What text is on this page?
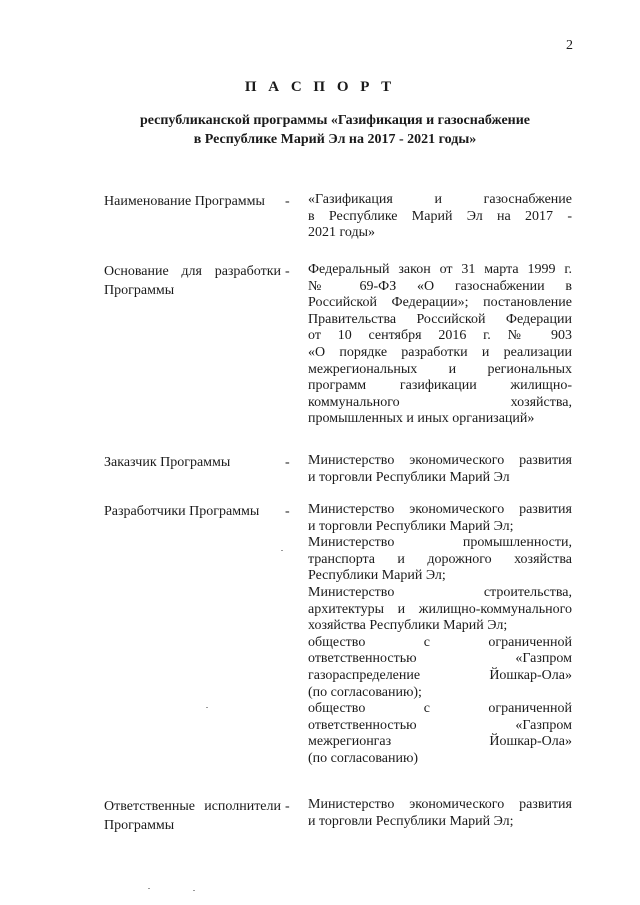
2
П А С П О Р Т
республиканской программы «Газификация и газоснабжение
в Республике Марий Эл на 2017 - 2021 годы»
Наименование Программы	- «Газификация и газоснабжение

в Республике Марий Эл на 2017 -

2021 годы»

Основание для разработки Программы
- Федеральный закон от 31 марта 1999 г.

№ 69-ФЗ «О газоснабжении в

Российской Федерации»; постановление

Правительства Российской Федерации

от 10 сентября 2016 г. № 903

«О порядке разработки и реализации

межрегиональных и региональных

программ газификации жилищно-

коммунального хозяйства,

промышленных и иных организаций»

Заказчик Программы	- Министерство экономического развития

и торговли Республики Марий Эл

Разработчики Программы	- Министерство экономического развития

и торговли Республики Марий Эл;

Министерство промышленности,

транспорта и дорожного хозяйства

Республики Марий Эл;

Министерство строительства,

архитектуры и жилищно-коммунального

хозяйства Республики Марий Эл;

общество с ограниченной

ответственностью «Газпром

газораспределение Йошкар-Ола»

(по согласованию);

общество с ограниченной

ответственностью «Газпром

межрегионгаз Йошкар-Ола»

(по согласованию)

Ответственные исполнители Программы
- Министерство экономического развития

и торговли Республики Марий Эл;
